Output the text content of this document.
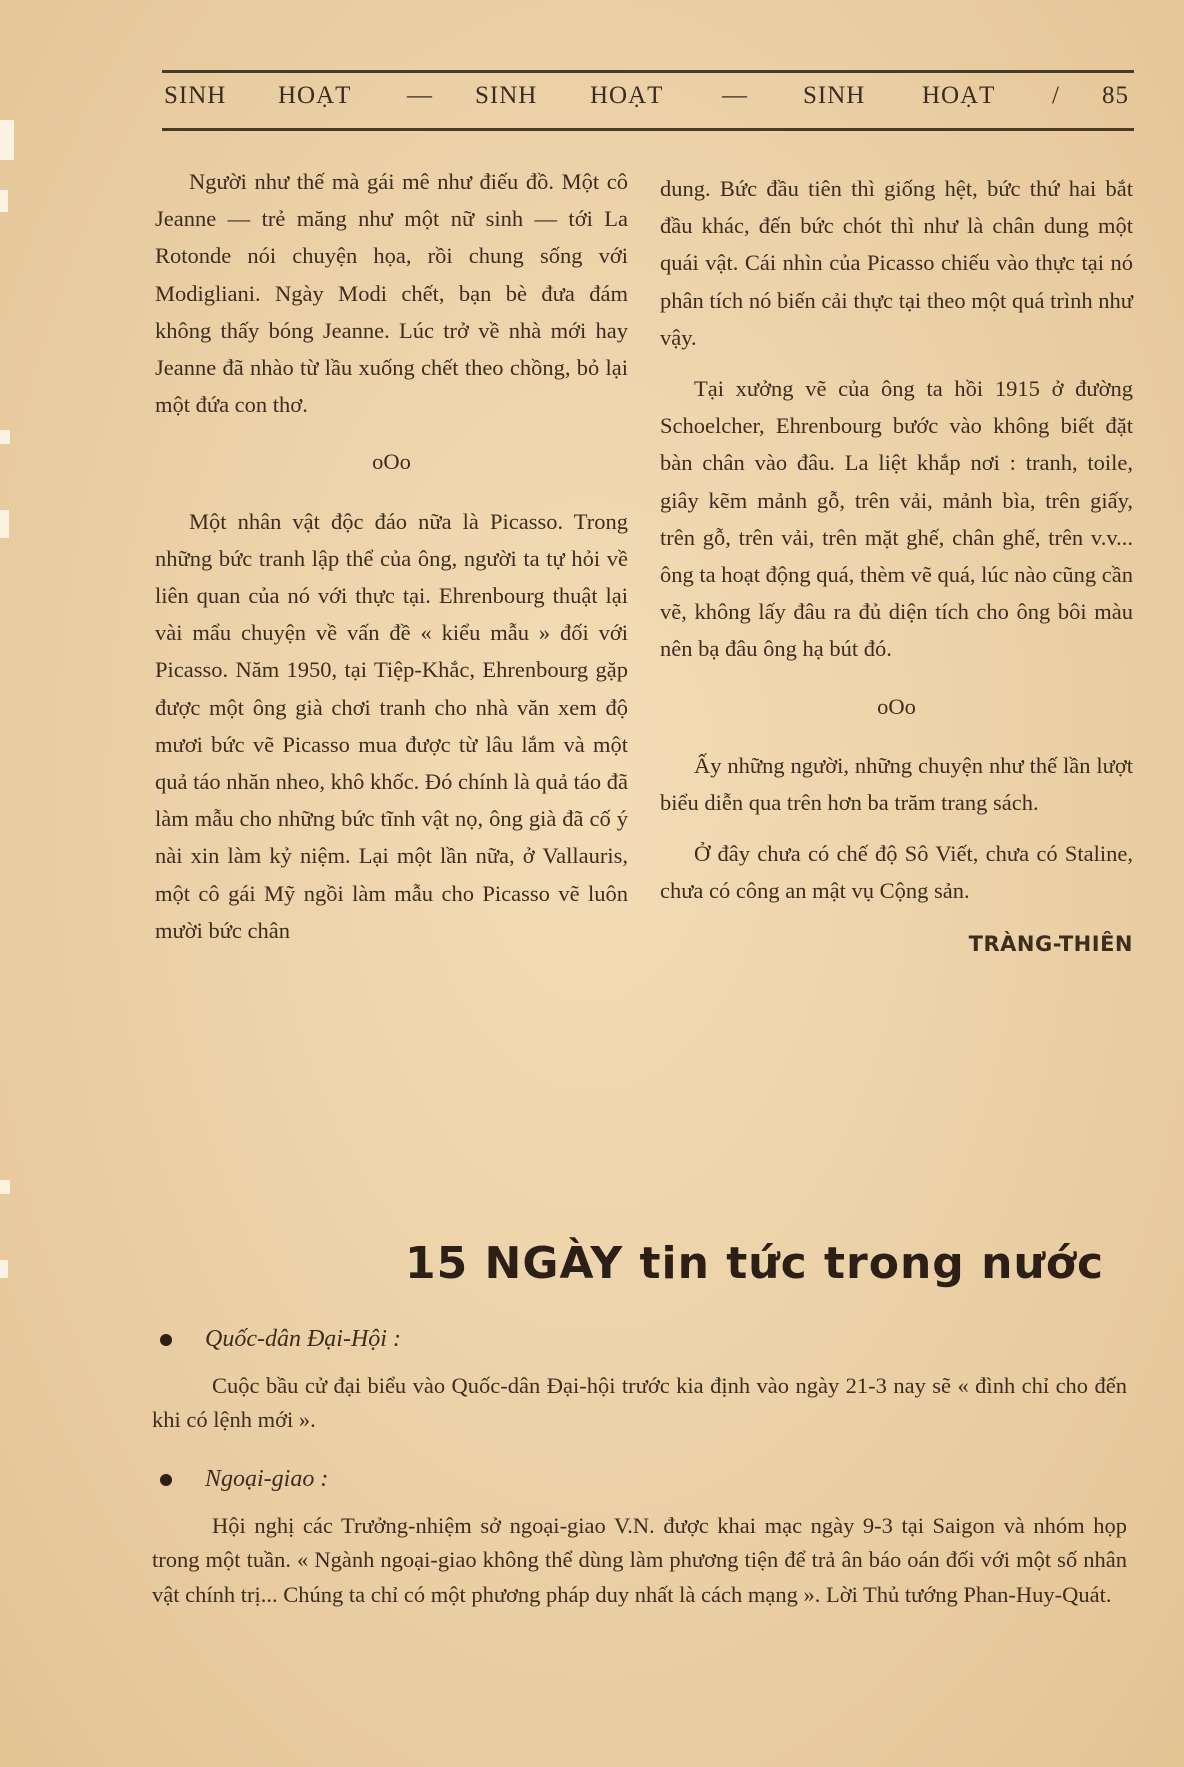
SINH HOẠT — SINH HOẠT — SINH HOẠT / 85

Người như thế mà gái mê như điếu đồ. Một cô Jeanne — trẻ măng như một nữ sinh — tới La Rotonde nói chuyện họa, rồi chung sống với Modigliani. Ngày Modi chết, bạn bè đưa đám không thấy bóng Jeanne. Lúc trở về nhà mới hay Jeanne đã nhào từ lầu xuống chết theo chồng, bỏ lại một đứa con thơ.

oOo

Một nhân vật độc đáo nữa là Picasso. Trong những bức tranh lập thể của ông, người ta tự hỏi về liên quan của nó với thực tại. Ehrenbourg thuật lại vài mẩu chuyện về vấn đề « kiểu mẫu » đối với Picasso. Năm 1950, tại Tiệp-Khắc, Ehrenbourg gặp được một ông già chơi tranh cho nhà văn xem độ mươi bức vẽ Picasso mua được từ lâu lắm và một quả táo nhăn nheo, khô khốc. Đó chính là quả táo đã làm mẫu cho những bức tĩnh vật nọ, ông già đã cố ý nài xin làm kỷ niệm. Lại một lần nữa, ở Vallauris, một cô gái Mỹ ngồi làm mẫu cho Picasso vẽ luôn mười bức chân

dung. Bức đầu tiên thì giống hệt, bức thứ hai bắt đầu khác, đến bức chót thì như là chân dung một quái vật. Cái nhìn của Picasso chiếu vào thực tại nó phân tích nó biến cải thực tại theo một quá trình như vậy.

Tại xưởng vẽ của ông ta hồi 1915 ở đường Schoelcher, Ehrenbourg bước vào không biết đặt bàn chân vào đâu. La liệt khắp nơi : tranh, toile, giây kẽm mảnh gỗ, trên vải, mảnh bìa, trên giấy, trên gỗ, trên vải, trên mặt ghế, chân ghế, trên v.v... ông ta hoạt động quá, thèm vẽ quá, lúc nào cũng cần vẽ, không lấy đâu ra đủ diện tích cho ông bôi màu nên bạ đâu ông hạ bút đó.

oOo

Ấy những người, những chuyện như thế lần lượt biểu diễn qua trên hơn ba trăm trang sách.

Ở đây chưa có chế độ Sô Viết, chưa có Staline, chưa có công an mật vụ Cộng sản.

TRÀNG-THIÊN

15 NGÀY tin tức trong nước
Quốc-dân Đại-Hội :

Cuộc bầu cử đại biểu vào Quốc-dân Đại-hội trước kia định vào ngày 21-3 nay sẽ « đình chỉ cho đến khi có lệnh mới ».

Ngoại-giao :

Hội nghị các Trưởng-nhiệm sở ngoại-giao V.N. được khai mạc ngày 9-3 tại Saigon và nhóm họp trong một tuần. « Ngành ngoại-giao không thể dùng làm phương tiện để trả ân báo oán đối với một số nhân vật chính trị... Chúng ta chỉ có một phương pháp duy nhất là cách mạng ». Lời Thủ tướng Phan-Huy-Quát.
